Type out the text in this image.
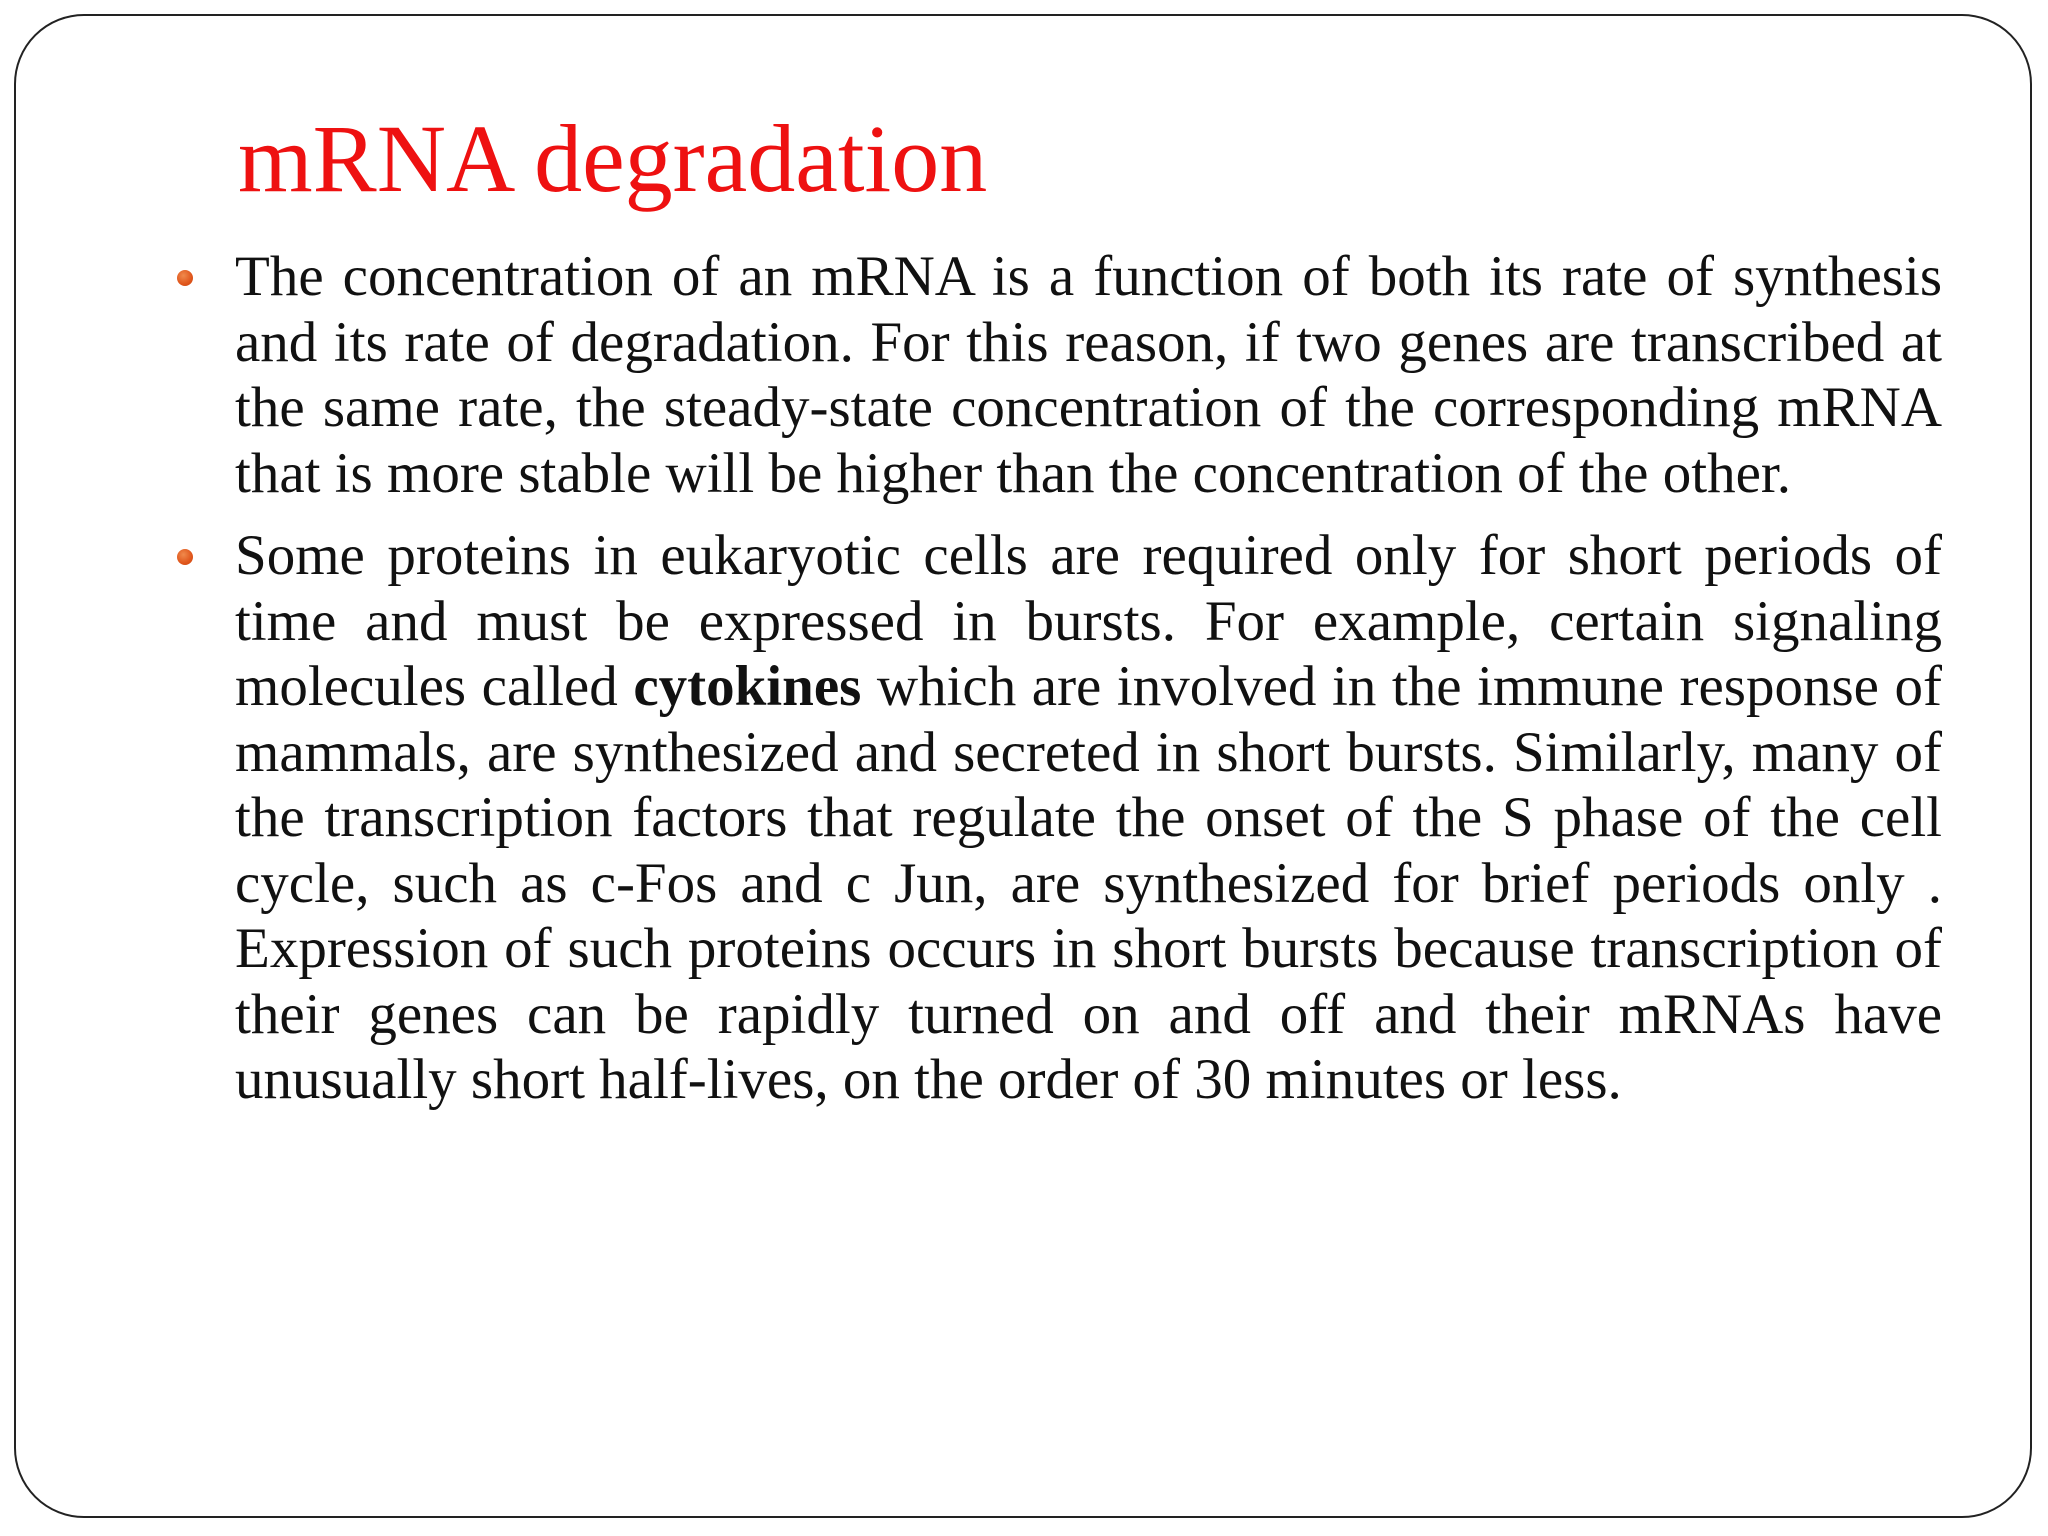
mRNA degradation

The concentration of an mRNA is a function of both its rate of synthesis and its rate of degradation. For this reason, if two genes are transcribed at the same rate, the steady-state concentration of the corresponding mRNA that is more stable will be higher than the concentration of the other.

Some proteins in eukaryotic cells are required only for short periods of time and must be expressed in bursts. For example, certain signaling molecules called cytokines which are involved in the immune response of mammals, are synthesized and secreted in short bursts. Similarly, many of the transcription factors that regulate the onset of the S phase of the cell cycle, such as c-Fos and c Jun, are synthesized for brief periods only . Expression of such proteins occurs in short bursts because transcription of their genes can be rapidly turned on and off and their mRNAs have unusually short half-lives, on the order of 30 minutes or less.
